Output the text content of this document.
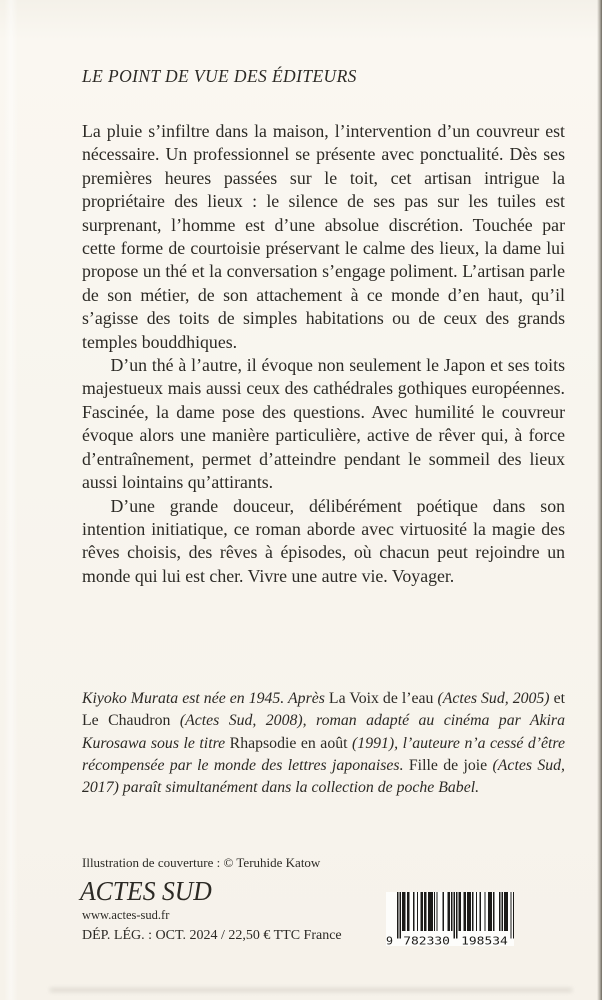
LE POINT DE VUE DES ÉDITEURS

La pluie s’infiltre dans la maison, l’intervention d’un couvreur est nécessaire. Un professionnel se présente avec ponctualité. Dès ses premières heures passées sur le toit, cet artisan intrigue la propriétaire des lieux : le silence de ses pas sur les tuiles est surprenant, l’homme est d’une absolue discrétion. Touchée par cette forme de courtoisie préservant le calme des lieux, la dame lui propose un thé et la conversation s’engage poliment. L’artisan parle de son métier, de son attachement à ce monde d’en haut, qu’il s’agisse des toits de simples habitations ou de ceux des grands temples bouddhiques.

D’un thé à l’autre, il évoque non seulement le Japon et ses toits majestueux mais aussi ceux des cathédrales gothiques européennes. Fascinée, la dame pose des questions. Avec humilité le couvreur évoque alors une manière particulière, active de rêver qui, à force d’entraînement, permet d’atteindre pendant le sommeil des lieux aussi lointains qu’attirants.

D’une grande douceur, délibérément poétique dans son intention initiatique, ce roman aborde avec virtuosité la magie des rêves choisis, des rêves à épisodes, où chacun peut rejoindre un monde qui lui est cher. Vivre une autre vie. Voyager.

Kiyoko Murata est née en 1945. Après La Voix de l’eau (Actes Sud, 2005) et Le Chaudron (Actes Sud, 2008), roman adapté au cinéma par Akira Kurosawa sous le titre Rhapsodie en août (1991), l’auteure n’a cessé d’être récompensée par le monde des lettres japonaises. Fille de joie (Actes Sud, 2017) paraît simultanément dans la collection de poche Babel.
Illustration de couverture : © Teruhide Katow
ACTES SUD
www.actes-sud.fr
DÉP. LÉG. : OCT. 2024 / 22,50 € TTC France	9 782330 198534
